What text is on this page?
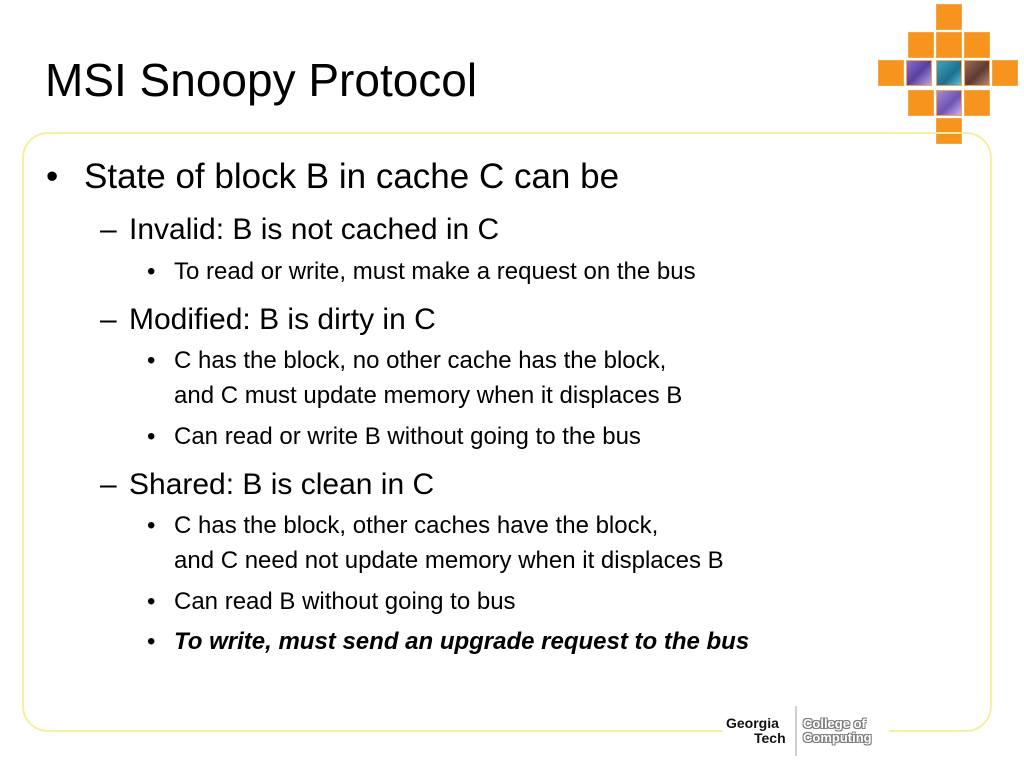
MSI Snoopy Protocol
• State of block B in cache C can be
– Invalid: B is not cached in C
• To read or write, must make a request on the bus
– Modified: B is dirty in C
• C has the block, no other cache has the block,
and C must update memory when it displaces B
• Can read or write B without going to the bus
– Shared: B is clean in C
• C has the block, other caches have the block,
and C need not update memory when it displaces B
• Can read B without going to bus
• To write, must send an upgrade request to the bus
Georgia
Tech
College of
Computing
